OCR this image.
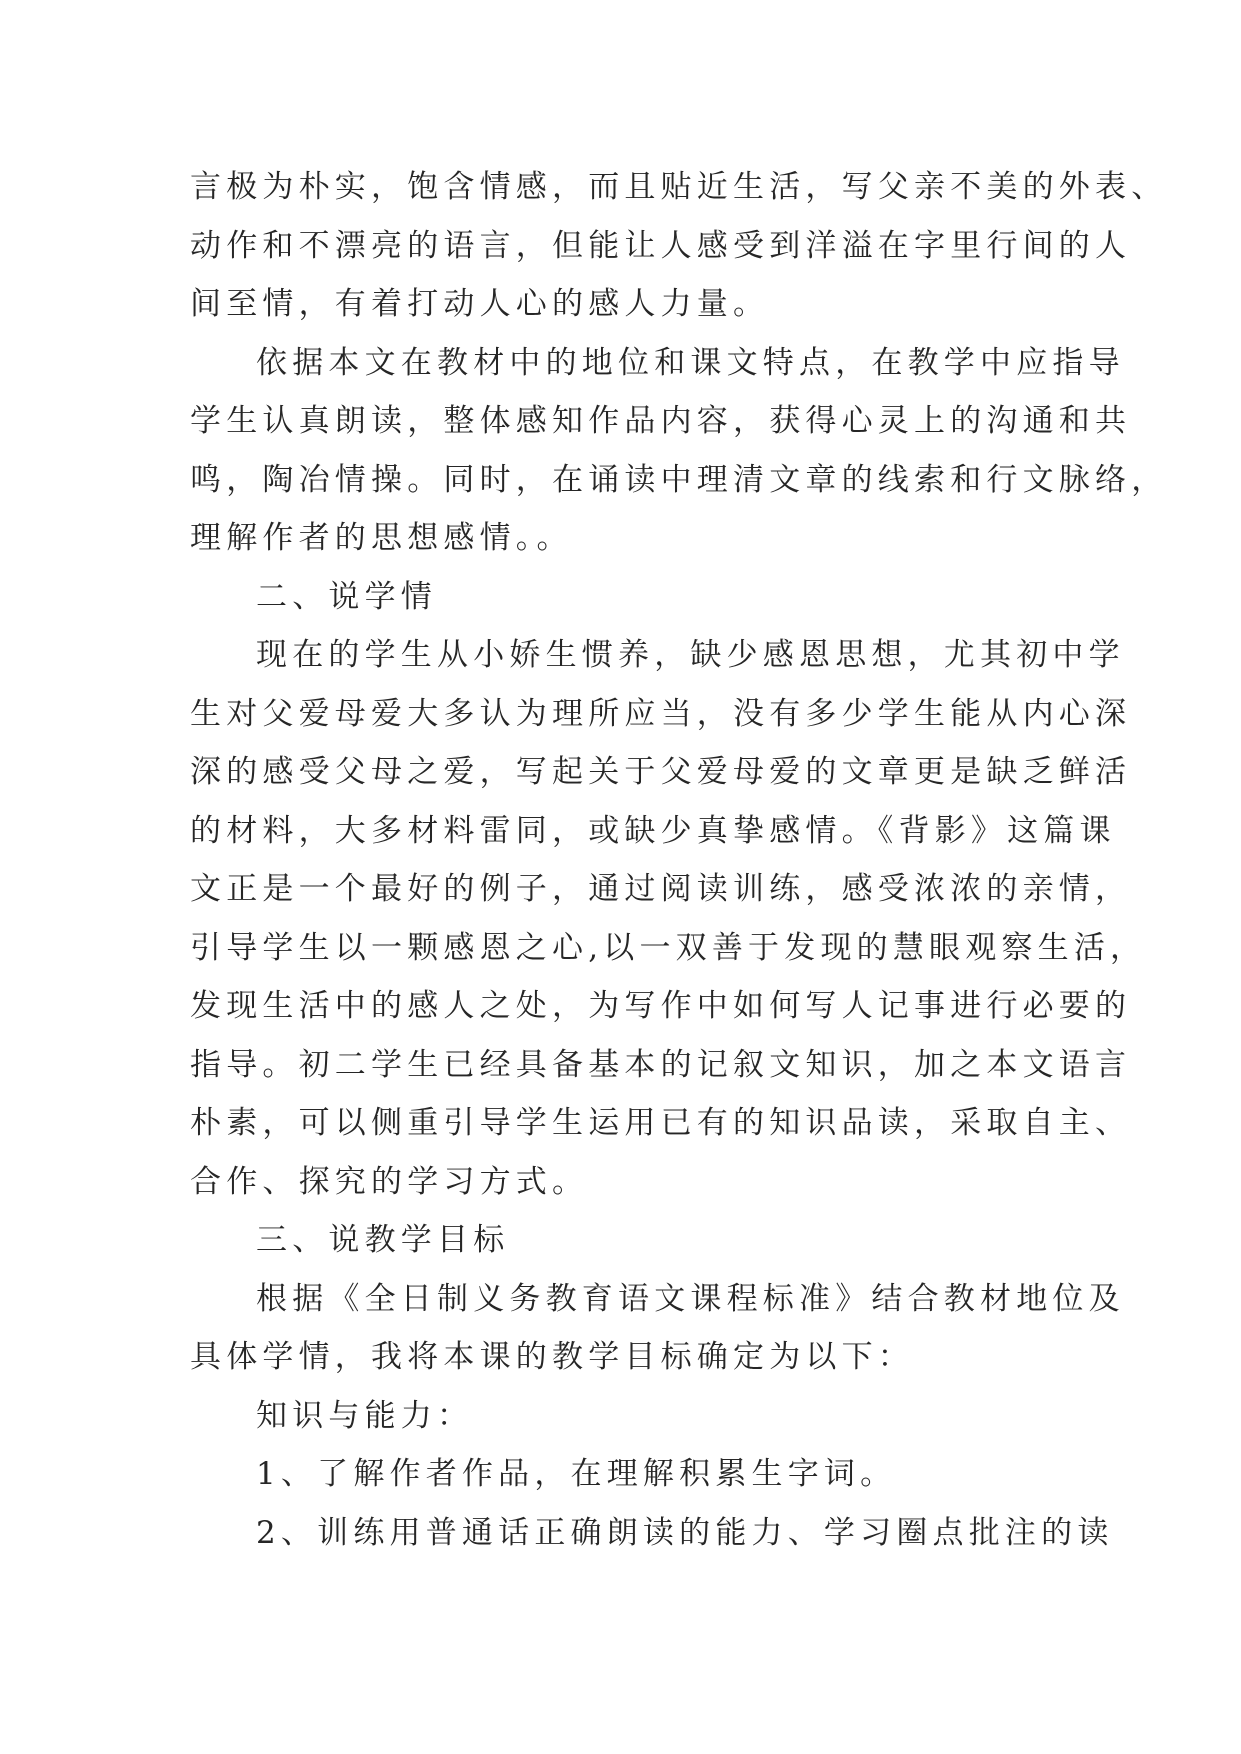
言极为朴实，饱含情感，而且贴近生活，写父亲不美的外表、
动作和不漂亮的语言，但能让人感受到洋溢在字里行间的人
间至情，有着打动人心的感人力量。
依据本文在教材中的地位和课文特点，在教学中应指导
学生认真朗读，整体感知作品内容，获得心灵上的沟通和共
鸣，陶冶情操。同时，在诵读中理清文章的线索和行文脉络，
理解作者的思想感情。。
二、说学情
现在的学生从小娇生惯养，缺少感恩思想，尤其初中学
生对父爱母爱大多认为理所应当，没有多少学生能从内心深
深的感受父母之爱，写起关于父爱母爱的文章更是缺乏鲜活
的材料，大多材料雷同，或缺少真挚感情。《背影》这篇课
文正是一个最好的例子，通过阅读训练，感受浓浓的亲情，
引导学生以一颗感恩之心,以一双善于发现的慧眼观察生活，
发现生活中的感人之处，为写作中如何写人记事进行必要的
指导。初二学生已经具备基本的记叙文知识，加之本文语言
朴素，可以侧重引导学生运用已有的知识品读，采取自主、
合作、探究的学习方式。
三、说教学目标
根据《全日制义务教育语文课程标准》结合教材地位及
具体学情，我将本课的教学目标确定为以下：
知识与能力：
1、了解作者作品，在理解积累生字词。
2、训练用普通话正确朗读的能力、学习圈点批注的读
